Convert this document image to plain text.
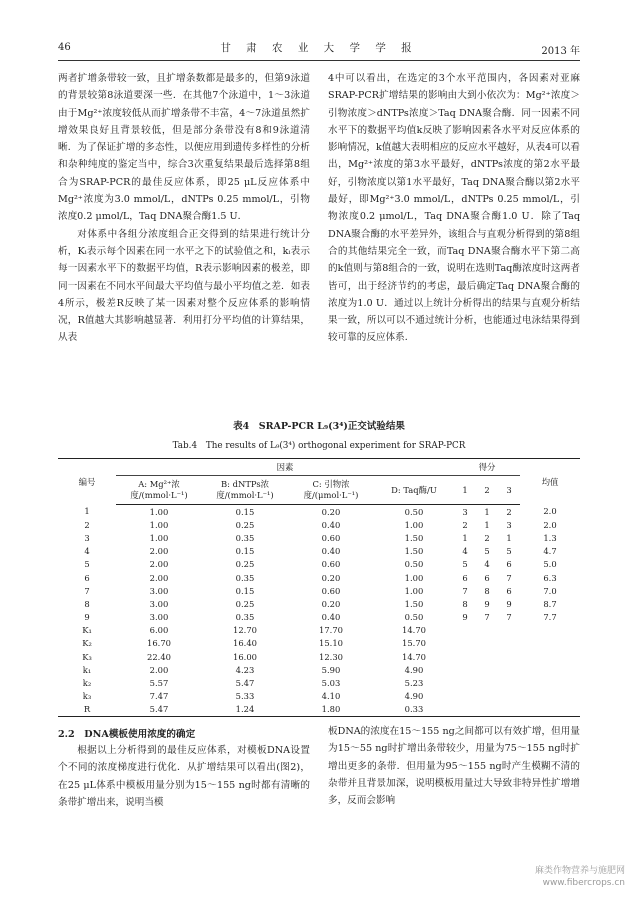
46	甘 肃 农 业 大 学 学 报	2013 年

两者扩增条带较一致，且扩增条数都是最多的，但第9泳道的背景较第8泳道要深一些．在其他7个泳道中，1～3泳道由于Mg²⁺浓度较低从而扩增条带不丰富，4～7泳道虽然扩增效果良好且背景较低，但是部分条带没有8和9泳道清晰．为了保证扩增的多态性，以便应用到遗传多样性的分析和杂种纯度的鉴定当中，综合3次重复结果最后选择第8组合为SRAP-PCR的最佳反应体系，即25 μL反应体系中Mg²⁺浓度为3.0 mmol/L，dNTPs 0.25 mmol/L，引物浓度0.2 μmol/L，Taq DNA聚合酶1.5 U．

对体系中各组分浓度组合正交得到的结果进行统计分析，Kᵢ表示每个因素在同一水平之下的试验值之和，kᵢ表示每一因素水平下的数据平均值，R表示影响因素的极差，即同一因素在不同水平间最大平均值与最小平均值之差．如表4所示，极差R反映了某一因素对整个反应体系的影响情况，R值越大其影响越显著．利用打分平均值的计算结果，从表

4中可以看出，在选定的3个水平范围内，各因素对亚麻SRAP-PCR扩增结果的影响由大到小依次为：Mg²⁺浓度＞引物浓度＞dNTPs浓度＞Taq DNA聚合酶．同一因素不同水平下的数据平均值k反映了影响因素各水平对反应体系的影响情况，k值越大表明相应的反应水平越好，从表4可以看出，Mg²⁺浓度的第3水平最好，dNTPs浓度的第2水平最好，引物浓度以第1水平最好，Taq DNA聚合酶以第2水平最好，即Mg²⁺3.0 mmol/L，dNTPs 0.25 mmol/L，引物浓度0.2 μmol/L，Taq DNA聚合酶1.0 U．除了Taq DNA聚合酶的水平差异外，该组合与直观分析得到的第8组合的其他结果完全一致，而Taq DNA聚合酶水平下第二高的k值则与第8组合的一致，说明在选则Taq酶浓度时这两者皆可，出于经济节约的考虑，最后确定Taq DNA聚合酶的浓度为1.0 U．通过以上统计分析得出的结果与直观分析结果一致，所以可以不通过统计分析，也能通过电泳结果得到较可靠的反应体系．

表4　SRAP-PCR L₉(3⁴)正交试验结果
Tab.4　The results of L₉(3⁴) orthogonal experiment for SRAP-PCR
编号	因素				得分			均值
	A: Mg²⁺浓度/(mmol·L⁻¹)	B: dNTPs浓度/(mmol·L⁻¹)	C: 引物浓度/(μmol·L⁻¹)	D: Taq酶/U	1	2	3	
1	1.00	0.15	0.20	0.50	3	1	2	2.0
2	1.00	0.25	0.40	1.00	2	1	3	2.0
3	1.00	0.35	0.60	1.50	1	2	1	1.3
4	2.00	0.15	0.40	1.50	4	5	5	4.7
5	2.00	0.25	0.60	0.50	5	4	6	5.0
6	2.00	0.35	0.20	1.00	6	6	7	6.3
7	3.00	0.15	0.60	1.00	7	8	6	7.0
8	3.00	0.25	0.20	1.50	8	9	9	8.7
9	3.00	0.35	0.40	0.50	9	7	7	7.7
K₁	6.00	12.70	17.70	14.70				
K₂	16.70	16.40	15.10	15.70				
K₃	22.40	16.00	12.30	14.70				
k₁	2.00	4.23	5.90	4.90				
k₂	5.57	5.47	5.03	5.23				
k₃	7.47	5.33	4.10	4.90				
R	5.47	1.24	1.80	0.33				
2.2　DNA模板使用浓度的确定

根据以上分析得到的最佳反应体系，对模板DNA设置个不同的浓度梯度进行优化．从扩增结果可以看出(图2)，在25 μL体系中模板用量分别为15～155 ng时都有清晰的条带扩增出来，说明当模

板DNA的浓度在15～155 ng之间都可以有效扩增，但用量为15～55 ng时扩增出条带较少，用量为75～155 ng时扩增出更多的条带．但用量为95～155 ng时产生模糊不清的杂带并且背景加深，说明模板用量过大导致非特异性扩增增多，反而会影响

麻类作物营养与施肥网
www.fibercrops.cn
